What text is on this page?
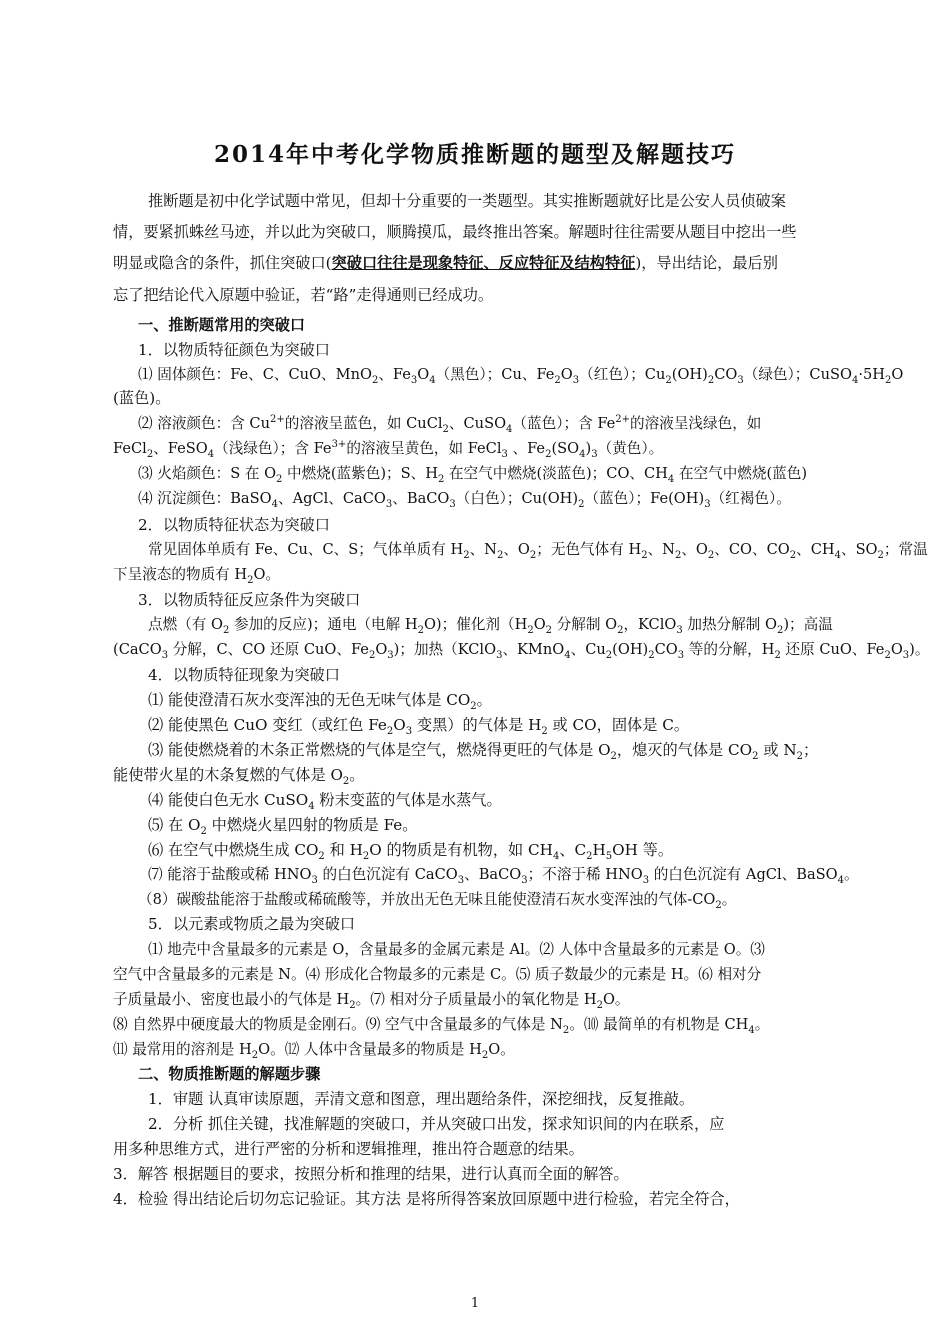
2014年中考化学物质推断题的题型及解题技巧
推断题是初中化学试题中常见，但却十分重要的一类题型。其实推断题就好比是公安人员侦破案
情，要紧抓蛛丝马迹，并以此为突破口，顺腾摸瓜，最终推出答案。解题时往往需要从题目中挖出一些
明显或隐含的条件，抓住突破口(突破口往往是现象特征、反应特征及结构特征)，导出结论，最后别
忘了把结论代入原题中验证，若“路”走得通则已经成功。
一、推断题常用的突破口
1．以物质特征颜色为突破口
⑴ 固体颜色：Fe、C、CuO、MnO$_2$、$Fe_3O_4$（黑色）；Cu、$Fe_2O_3$（红色）；$Cu_2(OH)_2CO_3$（绿色）；$CuSO_4\cdot 5H_2O$
(蓝色)。
⑵ 溶液颜色：含 $Cu^{2+}$的溶液呈蓝色，如 CuCl$_2$、CuSO$_4$（蓝色）；含 $Fe^{2+}$的溶液呈浅绿色，如
FeCl$_2$、FeSO$_4$（浅绿色）；含 $Fe^{3+}$的溶液呈黄色，如 FeCl$_3$ 、$Fe_2(SO_4)_3$（黄色）。
⑶ 火焰颜色：S 在 $O_2$ 中燃烧(蓝紫色)；S、$H_2$ 在空气中燃烧(淡蓝色)；CO、$CH_4$ 在空气中燃烧(蓝色)
⑷ 沉淀颜色：BaSO$_4$、AgCl、CaCO$_3$、BaCO$_3$（白色）；$Cu(OH)_2$（蓝色）；$Fe(OH)_3$（红褐色）。
2．以物质特征状态为突破口
常见固体单质有 Fe、Cu、C、S；气体单质有 $H_2$、$N_2$、$O_2$；无色气体有 $H_2$、$N_2$、$O_2$、CO、$CO_2$、$CH_4$、$SO_2$；常温
下呈液态的物质有 $H_2O$。
3．以物质特征反应条件为突破口
点燃（有 $O_2$ 参加的反应)；通电（电解 $H_2O$)；催化剂（$H_2O_2$ 分解制 $O_2$，KClO$_3$ 加热分解制 $O_2$)；高温
(CaCO$_3$ 分解，C、CO 还原 CuO、$Fe_2O_3$)；加热（KClO$_3$、KMnO$_4$、$Cu_2(OH)_2CO_3$ 等的分解，$H_2$ 还原 CuO、$Fe_2O_3$)。
4．以物质特征现象为突破口
⑴ 能使澄清石灰水变浑浊的无色无味气体是 $CO_2$。
⑵ 能使黑色 CuO 变红（或红色 $Fe_2O_3$ 变黑）的气体是 $H_2$ 或 CO，固体是 C。
⑶ 能使燃烧着的木条正常燃烧的气体是空气，燃烧得更旺的气体是 $O_2$，熄灭的气体是 $CO_2$ 或 $N_2$；
能使带火星的木条复燃的气体是 $O_2$。
⑷ 能使白色无水 CuSO$_4$ 粉末变蓝的气体是水蒸气。
⑸ 在 $O_2$ 中燃烧火星四射的物质是 Fe。
⑹ 在空气中燃烧生成 $CO_2$ 和 $H_2O$ 的物质是有机物，如 $CH_4$、$C_2H_5OH$ 等。
⑺ 能溶于盐酸或稀 $HNO_3$ 的白色沉淀有 CaCO$_3$、BaCO$_3$；不溶于稀 $HNO_3$ 的白色沉淀有 AgCl、BaSO$_4$。
（8）碳酸盐能溶于盐酸或稀硫酸等，并放出无色无味且能使澄清石灰水变浑浊的气体$-CO_2$。
5．以元素或物质之最为突破口
⑴ 地壳中含量最多的元素是 O，含量最多的金属元素是 Al。⑵ 人体中含量最多的元素是 O。⑶
空气中含量最多的元素是 N。⑷ 形成化合物最多的元素是 C。⑸ 质子数最少的元素是 H。⑹ 相对分
子质量最小、密度也最小的气体是 $H_2$。⑺ 相对分子质量最小的氧化物是 $H_2O$。
⑻ 自然界中硬度最大的物质是金刚石。⑼ 空气中含量最多的气体是 $N_2$。⑽ 最简单的有机物是 $CH_4$。
⑾ 最常用的溶剂是 $H_2O$。⑿ 人体中含量最多的物质是 $H_2O$。
二、物质推断题的解题步骤
1．审题 认真审读原题，弄清文意和图意，理出题给条件，深挖细找，反复推敲。
2．分析 抓住关键，找准解题的突破口，并从突破口出发，探求知识间的内在联系，应
用多种思维方式，进行严密的分析和逻辑推理，推出符合题意的结果。
3．解答 根据题目的要求，按照分析和推理的结果，进行认真而全面的解答。
4．检验 得出结论后切勿忘记验证。其方法 是将所得答案放回原题中进行检验，若完全符合，
1
